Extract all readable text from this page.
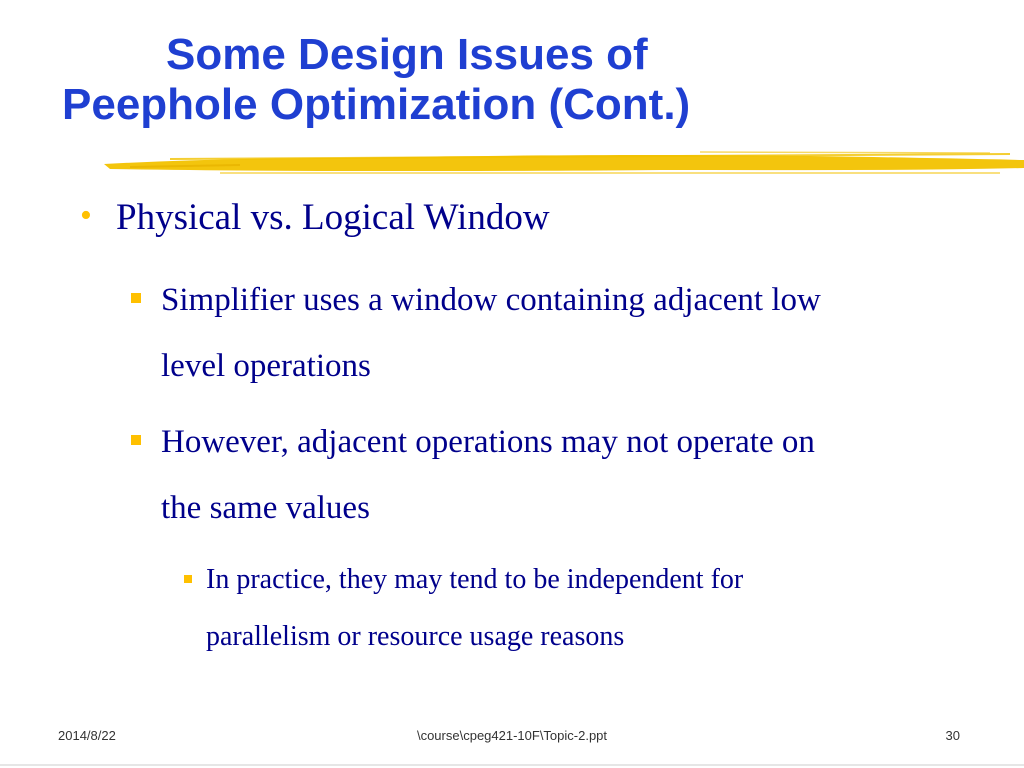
Some Design Issues of
Peephole Optimization (Cont.)
• Physical vs. Logical Window
Simplifier uses a window containing adjacent low
level operations
However, adjacent operations may not operate on
the same values
In practice, they may tend to be independent for
parallelism or resource usage reasons
2014/8/22	\course\cpeg421-10F\Topic-2.ppt	30
